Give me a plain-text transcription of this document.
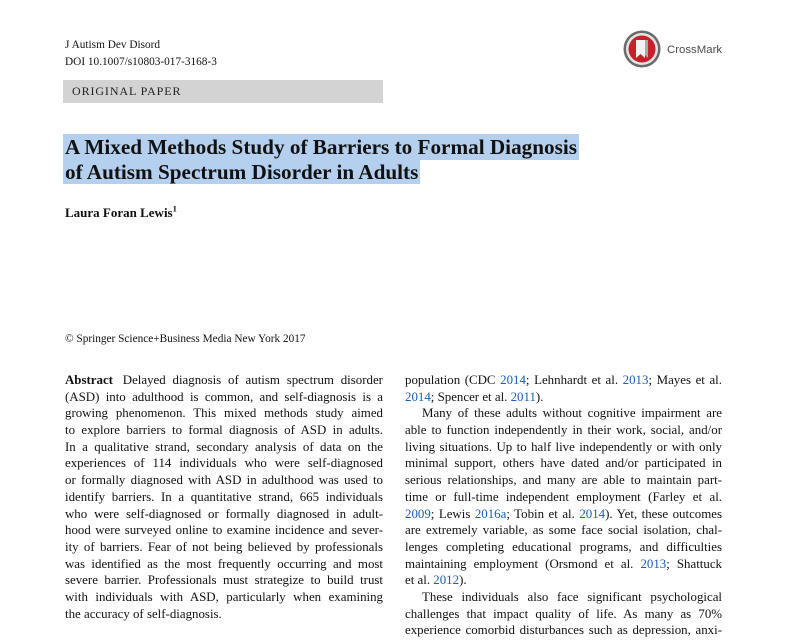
J Autism Dev Disord
DOI 10.1007/s10803-017-3168-3
CrossMark
ORIGINAL PAPER
A Mixed Methods Study of Barriers to Formal Diagnosis
of Autism Spectrum Disorder in Adults
Laura Foran Lewis$^1$
© Springer Science+Business Media New York 2017
Abstract Delayed diagnosis of autism spectrum disorder
(ASD) into adulthood is common, and self-diagnosis is a
growing phenomenon. This mixed methods study aimed
to explore barriers to formal diagnosis of ASD in adults.
In a qualitative strand, secondary analysis of data on the
experiences of 114 individuals who were self-diagnosed
or formally diagnosed with ASD in adulthood was used to
identify barriers. In a quantitative strand, 665 individuals
who were self-diagnosed or formally diagnosed in adult-
hood were surveyed online to examine incidence and sever-
ity of barriers. Fear of not being believed by professionals
was identified as the most frequently occurring and most
severe barrier. Professionals must strategize to build trust
with individuals with ASD, particularly when examining
the accuracy of self-diagnosis.
population (CDC 2014; Lehnhardt et al. 2013; Mayes et al.
2014; Spencer et al. 2011).
Many of these adults without cognitive impairment are
able to function independently in their work, social, and/or
living situations. Up to half live independently or with only
minimal support, others have dated and/or participated in
serious relationships, and many are able to maintain part-
time or full-time independent employment (Farley et al.
2009; Lewis 2016a; Tobin et al. 2014). Yet, these outcomes
are extremely variable, as some face social isolation, chal-
lenges completing educational programs, and difficulties
maintaining employment (Orsmond et al. 2013; Shattuck
et al. 2012).
These individuals also face significant psychological
challenges that impact quality of life. As many as 70%
experience comorbid disturbances such as depression, anxi-
